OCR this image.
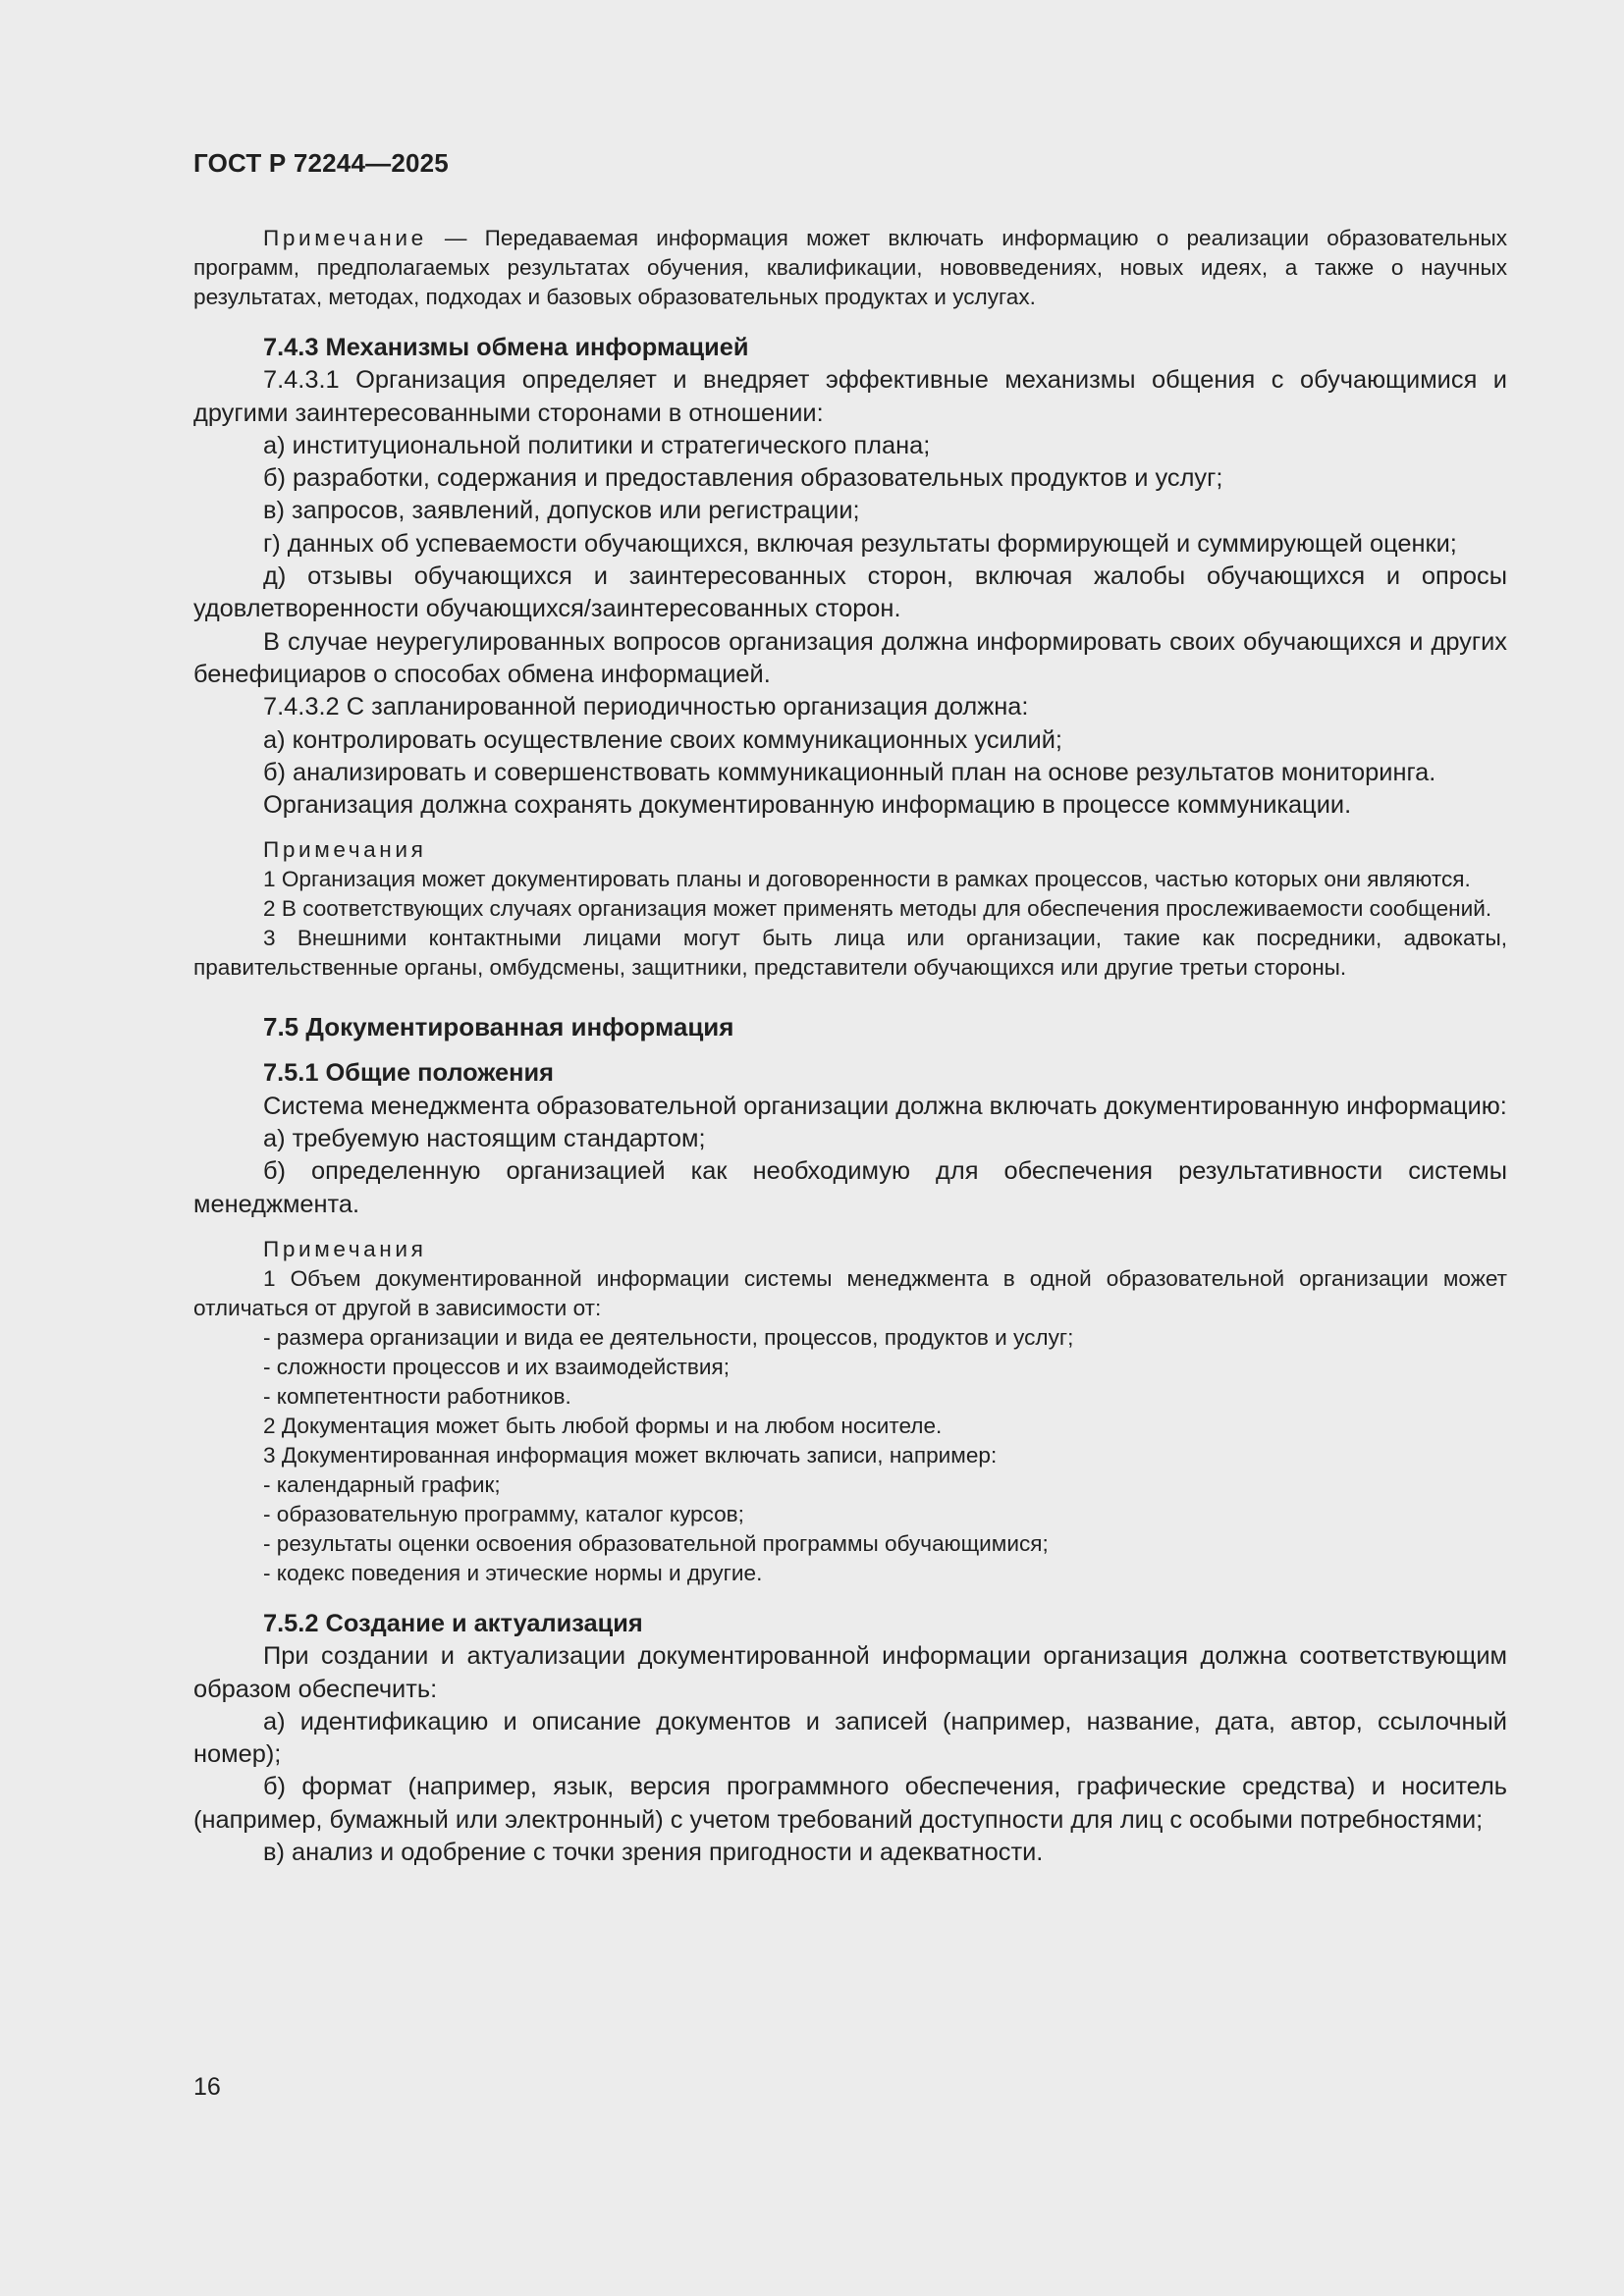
ГОСТ Р 72244—2025

Примечание — Передаваемая информация может включать информацию о реализации образовательных программ, предполагаемых результатах обучения, квалификации, нововведениях, новых идеях, а также о научных результатах, методах, подходах и базовых образовательных продуктах и услугах.

7.4.3 Механизмы обмена информацией

7.4.3.1 Организация определяет и внедряет эффективные механизмы общения с обучающимися и другими заинтересованными сторонами в отношении:

а) институциональной политики и стратегического плана;

б) разработки, содержания и предоставления образовательных продуктов и услуг;

в) запросов, заявлений, допусков или регистрации;

г) данных об успеваемости обучающихся, включая результаты формирующей и суммирующей оценки;

д) отзывы обучающихся и заинтересованных сторон, включая жалобы обучающихся и опросы удовлетворенности обучающихся/заинтересованных сторон.

В случае неурегулированных вопросов организация должна информировать своих обучающихся и других бенефициаров о способах обмена информацией.

7.4.3.2 С запланированной периодичностью организация должна:

а) контролировать осуществление своих коммуникационных усилий;

б) анализировать и совершенствовать коммуникационный план на основе результатов мониторинга.

Организация должна сохранять документированную информацию в процессе коммуникации.

Примечания

1 Организация может документировать планы и договоренности в рамках процессов, частью которых они являются.

2 В соответствующих случаях организация может применять методы для обеспечения прослеживаемости сообщений.

3 Внешними контактными лицами могут быть лица или организации, такие как посредники, адвокаты, правительственные органы, омбудсмены, защитники, представители обучающихся или другие третьи стороны.

7.5 Документированная информация

7.5.1 Общие положения

Система менеджмента образовательной организации должна включать документированную информацию:

а) требуемую настоящим стандартом;

б) определенную организацией как необходимую для обеспечения результативности системы менеджмента.

Примечания

1 Объем документированной информации системы менеджмента в одной образовательной организации может отличаться от другой в зависимости от:

- размера организации и вида ее деятельности, процессов, продуктов и услуг;

- сложности процессов и их взаимодействия;

- компетентности работников.

2 Документация может быть любой формы и на любом носителе.

3 Документированная информация может включать записи, например:

- календарный график;

- образовательную программу, каталог курсов;

- результаты оценки освоения образовательной программы обучающимися;

- кодекс поведения и этические нормы и другие.

7.5.2 Создание и актуализация

При создании и актуализации документированной информации организация должна соответствующим образом обеспечить:

а) идентификацию и описание документов и записей (например, название, дата, автор, ссылочный номер);

б) формат (например, язык, версия программного обеспечения, графические средства) и носитель (например, бумажный или электронный) с учетом требований доступности для лиц с особыми потребностями;

в) анализ и одобрение с точки зрения пригодности и адекватности.

16
